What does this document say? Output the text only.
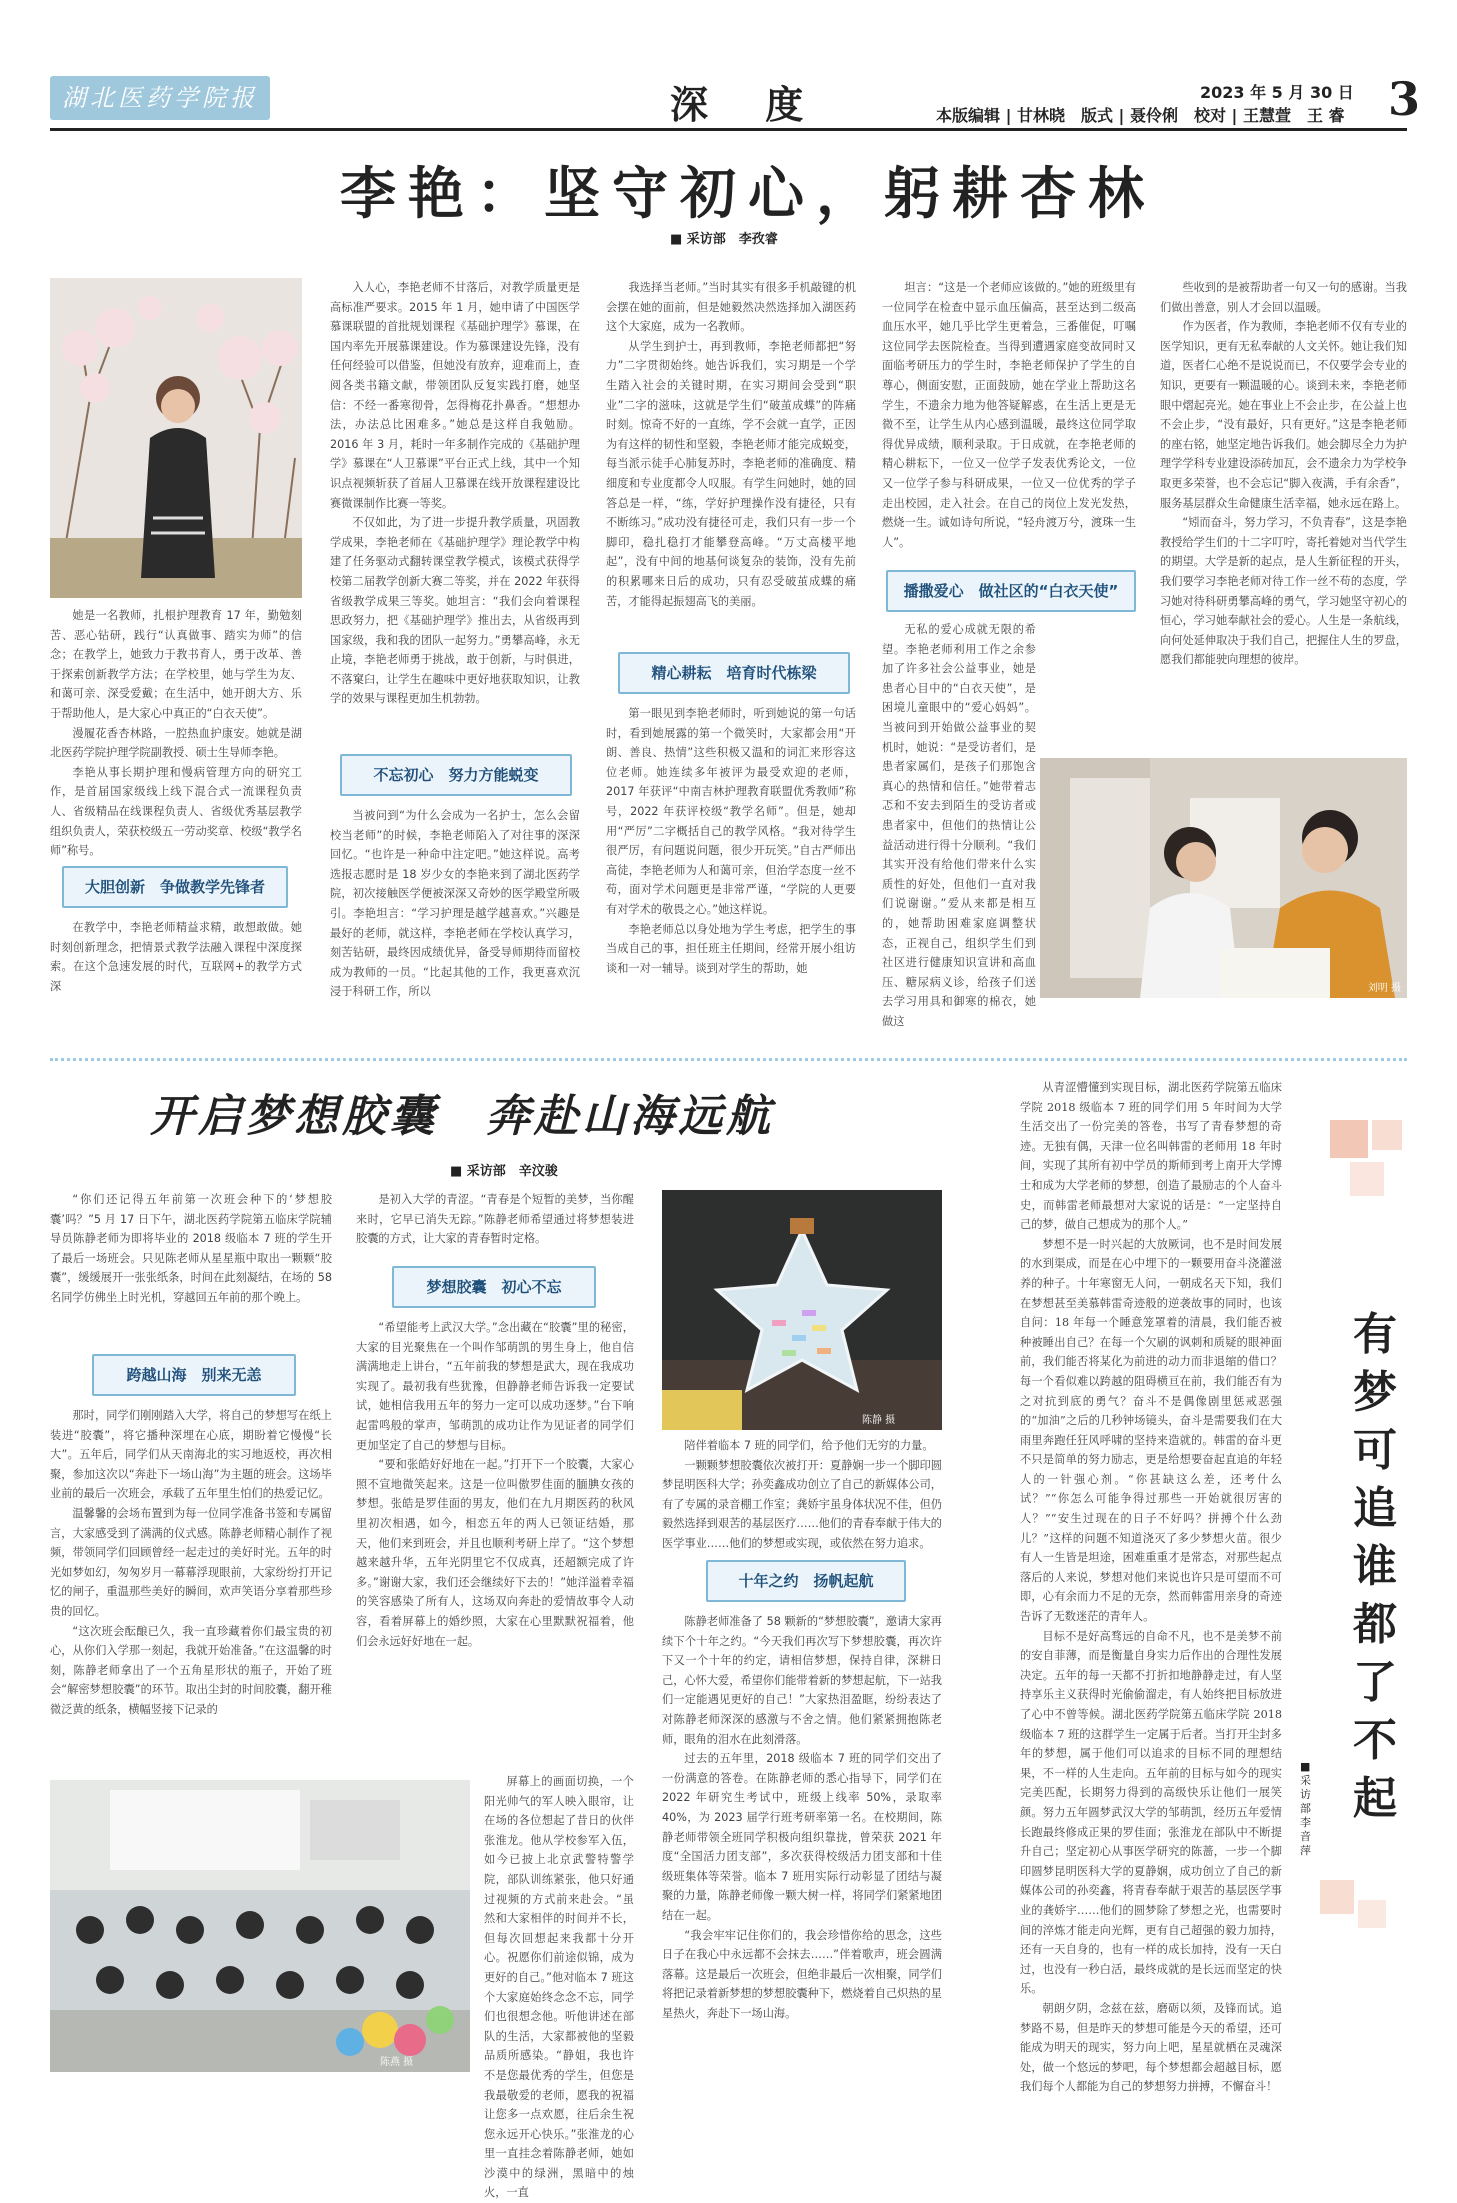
湖北医药学院报	深 度	2023 年 5 月 30 日 3
本版编辑 | 甘林晓　版式 | 聂伶俐　校对 | 王慧萱　王 睿
李艳：坚守初心，躬耕杏林
■ 采访部　李孜睿

她是一名教师，扎根护理教育 17 年，勤勉刻苦、恶心钻研，践行“认真做事、踏实为师”的信念；在教学上，她致力于教书育人，勇于改革、善于探索创新教学方法；在学校里，她与学生为友、和蔼可亲、深受爱戴；在生活中，她开朗大方、乐于帮助他人，是大家心中真正的“白衣天使”。

漫履花香杏林路，一腔热血护康安。她就是湖北医药学院护理学院副教授、硕士生导师李艳。

李艳从事长期护理和慢病管理方向的研究工作，是首届国家级线上线下混合式一流课程负责人、省级精品在线课程负责人、省级优秀基层教学组织负责人，荣获校级五一劳动奖章、校级“教学名师”称号。

大胆创新　争做教学先锋者

在教学中，李艳老师精益求精，敢想敢做。她时刻创新理念，把情景式教学法融入课程中深度探索。在这个急速发展的时代，互联网+的教学方式深

入人心，李艳老师不甘落后，对教学质量更是高标准严要求。2015 年 1 月，她申请了中国医学慕课联盟的首批规划课程《基础护理学》慕课，在国内率先开展慕课建设。作为慕课建设先锋，没有任何经验可以借鉴，但她没有放弃，迎难而上，查阅各类书籍文献，带领团队反复实践打磨，她坚信：不经一番寒彻骨，怎得梅花扑鼻香。“想想办法，办法总比困难多。”她总是这样自我勉励。2016 年 3 月，耗时一年多制作完成的《基础护理学》慕课在“人卫慕课”平台正式上线，其中一个知识点视频斩获了首届人卫慕课在线开放课程建设比赛微课制作比赛一等奖。

不仅如此，为了进一步提升教学质量，巩固教学成果，李艳老师在《基础护理学》理论教学中构建了任务驱动式翻转课堂教学模式，该模式获得学校第二届教学创新大赛二等奖，并在 2022 年获得省级教学成果三等奖。她坦言：“我们会向着课程思政努力，把《基础护理学》推出去，从省级再到国家级，我和我的团队一起努力。”勇攀高峰，永无止境，李艳老师勇于挑战，敢于创新，与时俱进，不落窠臼，让学生在趣味中更好地获取知识，让教学的效果与课程更加生机勃勃。

不忘初心　努力方能蜕变

当被问到“为什么会成为一名护士，怎么会留校当老师”的时候，李艳老师陷入了对往事的深深回忆。“也许是一种命中注定吧。”她这样说。高考选报志愿时是 18 岁少女的李艳来到了湖北医药学院，初次接触医学便被深深又奇妙的医学殿堂所吸引。李艳坦言：“学习护理是越学越喜欢。”兴趣是最好的老师，就这样，李艳老师在学校认真学习，刻苦钻研，最终因成绩优异，备受导师期待而留校成为教师的一员。“比起其他的工作，我更喜欢沉浸于科研工作，所以

我选择当老师。”当时其实有很多手机敲键的机会摆在她的面前，但是她毅然决然选择加入湖医药这个大家庭，成为一名教师。

从学生到护士，再到教师，李艳老师都把“努力”二字贯彻始终。她告诉我们，实习期是一个学生踏入社会的关键时期，在实习期间会受到“职业”二字的滋味，这就是学生们“破茧成蝶”的阵痛时刻。惊奇不好的一直练，学不会就一直学，正因为有这样的韧性和坚毅，李艳老师才能完成蜕变，每当派示徒手心肺复苏时，李艳老师的准确度、精细度和专业度都令人叹服。有学生问她时，她的回答总是一样，“练，学好护理操作没有捷径，只有不断练习。”成功没有捷径可走，我们只有一步一个脚印，稳扎稳打才能攀登高峰。“万丈高楼平地起”，没有中间的地基何谈复杂的装饰，没有先前的积累哪来日后的成功，只有忍受破茧成蝶的痛苦，才能得起振翅高飞的美丽。

精心耕耘　培育时代栋梁

第一眼见到李艳老师时，听到她说的第一句话时，看到她展露的第一个微笑时，大家都会用“开朗、善良、热情”这些积极又温和的词汇来形容这位老师。她连续多年被评为最受欢迎的老师，2017 年获评“中南吉林护理教育联盟优秀教师”称号，2022 年获评校级“教学名师”。但是，她却用“严厉”二字概括自己的教学风格。“我对待学生很严厉，有问题说问题，很少开玩笑。”自古严师出高徒，李艳老师为人和蔼可亲，但治学态度一丝不苟，面对学术问题更是非常严谨，“学院的人更要有对学术的敬畏之心。”她这样说。

李艳老师总以身处地为学生考虑，把学生的事当成自己的事，担任班主任期间，经常开展小组访谈和一对一辅导。谈到对学生的帮助，她

坦言：“这是一个老师应该做的。”她的班级里有一位同学在检查中显示血压偏高，甚至达到二级高血压水平，她几乎比学生更着急，三番催促，叮嘱这位同学去医院检查。当得到遭遇家庭变故同时又面临考研压力的学生时，李艳老师保护了学生的自尊心，侧面安慰，正面鼓励，她在学业上帮助这名学生，不遗余力地为他答疑解惑，在生活上更是无微不至，让学生从内心感到温暖，最终这位同学取得优异成绩，顺利录取。于日成就，在李艳老师的精心耕耘下，一位又一位学子发表优秀论文，一位又一位学子参与科研成果，一位又一位优秀的学子走出校园，走入社会。在自己的岗位上发光发热，燃烧一生。诚如诗句所说，“轻舟渡万兮，渡珠一生人”。

播撒爱心　做社区的“白衣天使”

无私的爱心成就无限的希望。李艳老师利用工作之余参加了许多社会公益事业，她是患者心目中的“白衣天使”，是困境儿童眼中的“爱心妈妈”。当被问到开始做公益事业的契机时，她说：“是受访者们，是患者家属们，是孩子们那饱含真心的热情和信任。”她带着志忑和不安去到陌生的受访者或患者家中，但他们的热情让公益活动进行得十分顺利。“我们其实开没有给他们带来什么实质性的好处，但他们一直对我们说谢谢。”爱从来都是相互的，她帮助困难家庭调整状态，正视自己，组织学生们到社区进行健康知识宣讲和高血压、糖尿病义诊，给孩子们送去学习用具和御寒的棉衣，她做这

些收到的是被帮助者一句又一句的感谢。当我们做出善意，别人才会回以温暖。

作为医者，作为教师，李艳老师不仅有专业的医学知识，更有无私奉献的人文关怀。她让我们知道，医者仁心绝不是说说而已，不仅要学会专业的知识，更要有一颗温暖的心。谈到未来，李艳老师眼中熠起亮光。她在事业上不会止步，在公益上也不会止步，“没有最好，只有更好。”这是李艳老师的座右铭，她坚定地告诉我们。她会脚尽全力为护理学学科专业建设添砖加瓦，会不遗余力为学校争取更多荣誉，也不会忘记“脚入夜满，手有余香”，服务基层群众生命健康生活幸福，她永远在路上。

“矧而奋斗，努力学习，不负青春”，这是李艳教授给学生们的十二字叮咛，寄托着她对当代学生的期望。大学是新的起点，是人生新征程的开头，我们要学习李艳老师对待工作一丝不苟的态度，学习她对待科研勇攀高峰的勇气，学习她坚守初心的恒心，学习她奉献社会的爱心。人生是一条航线，向何处延伸取决于我们自己，把握住人生的罗盘，愿我们都能驶向理想的彼岸。

刘明 摄
开启梦想胶囊　奔赴山海远航
■ 采访部　辛汶骏

“你们还记得五年前第一次班会种下的‘梦想胶囊’吗？”5 月 17 日下午，湖北医药学院第五临床学院辅导员陈静老师为即将毕业的 2018 级临本 7 班的学生开了最后一场班会。只见陈老师从星星瓶中取出一颗颗“胶囊”，缓缓展开一张张纸条，时间在此刻凝结，在场的 58 名同学仿佛坐上时光机，穿越回五年前的那个晚上。

跨越山海　别来无恙

那时，同学们刚刚踏入大学，将自己的梦想写在纸上装进“胶囊”，将它播种深埋在心底，期盼着它慢慢“长大”。五年后，同学们从天南海北的实习地返校，再次相聚，参加这次以“奔赴下一场山海”为主题的班会。这场毕业前的最后一次班会，承载了五年里生怕们的热爱记忆。

温馨馨的会场布置到为每一位同学准备书签和专属留言，大家感受到了满满的仪式感。陈静老师精心制作了视频，带领同学们回顾曾经一起走过的美好时光。五年的时光如梦如幻，匆匆岁月一幕幕浮现眼前，大家纷纷打开记忆的闸子，重温那些美好的瞬间，欢声笑语分享着那些珍贵的回忆。

“这次班会酝酿已久，我一直珍藏着你们最宝贵的初心，从你们入学那一刻起，我就开始准备。”在这温馨的时刻，陈静老师拿出了一个五角星形状的瓶子，开始了班会“解密梦想胶囊”的环节。取出尘封的时间胶囊，翻开稚微泛黄的纸条，横幅竖接下记录的

是初入大学的青涩。“青春是个短暂的美梦，当你醒来时，它早已消失无踪。”陈静老师希望通过将梦想装进胶囊的方式，让大家的青春暂时定格。

梦想胶囊　初心不忘

“希望能考上武汉大学。”念出藏在“胶囊”里的秘密，大家的目光聚焦在一个叫作邹萌凯的男生身上，他自信满满地走上讲台，“五年前我的梦想是武大，现在我成功实现了。最初我有些犹豫，但静静老师告诉我一定要试试，她相信我用五年的努力一定可以成功逐梦。”台下响起雷鸣般的掌声，邹萌凯的成功让作为见证者的同学们更加坚定了自己的梦想与目标。

“要和张皓好好地在一起。”打开下一个胶囊，大家心照不宣地微笑起来。这是一位叫傲罗佳面的腼腆女孩的梦想。张皓是罗佳面的男友，他们在九月期医药的秋风里初次相遇，如今，相恋五年的两人已领证结婚，那天，他们来到班会，并且也顺利考研上岸了。“这个梦想越来越升华，五年光阴里它不仅成真，还超额完成了许多。”谢谢大家，我们还会继续好下去的！”她洋溢着幸福的笑容感染了所有人，这场双向奔赴的爱情故事令人动容，看着屏幕上的婚纱照，大家在心里默默祝福着，他们会永远好好地在一起。

屏幕上的画面切换，一个阳光帅气的军人映入眼帘，让在场的各位想起了昔日的伙伴张淮龙。他从学校参军入伍，如今已披上北京武警特警学院，部队训练紧张，他只好通过视频的方式前来赴会。“虽然和大家相伴的时间并不长，但每次回想起来我都十分开心。祝愿你们前途似锦，成为更好的自己。”他对临本 7 班这个大家庭始终念念不忘，同学们也很想念他。听他讲述在部队的生活，大家都被他的坚毅品质所感染。“静姐，我也许不是您最优秀的学生，但您是我最敬爱的老师，愿我的祝福让您多一点欢愿，往后余生祝您永远开心快乐。”张淮龙的心里一直挂念着陈静老师，她如沙漠中的绿洲，黑暗中的烛火，一直

陈燕 摄
陈静 摄

陪伴着临本 7 班的同学们，给予他们无穷的力量。

一颗颗梦想胶囊依次被打开：夏静娴一步一个脚印圆梦昆明医科大学；孙奕鑫成功创立了自己的新媒体公司，有了专属的录音棚工作室；龚娇宇虽身体状况不佳，但仍毅然选择到艰苦的基层医疗……他们的青春奉献于伟大的医学事业……他们的梦想或实现，或依然在努力追求。

十年之约　扬帆起航

陈静老师准备了 58 颗新的“梦想胶囊”，邀请大家再续下个十年之约。“今天我们再次写下梦想胶囊，再次许下又一个十年的约定，请相信梦想，保持自律，深耕日己，心怀大爱，希望你们能带着新的梦想起航，下一站我们一定能遇见更好的自己！”大家热泪盈眶，纷纷表达了对陈静老师深深的感激与不舍之情。他们紧紧拥抱陈老师，眼角的泪水在此刻滑落。

过去的五年里，2018 级临本 7 班的同学们交出了一份满意的答卷。在陈静老师的悉心指导下，同学们在 2022 年研究生考试中，班级上线率 50%，录取率 40%，为 2023 届学行班考研率第一名。在校期间，陈静老师带领全班同学积极向组织靠拢，曾荣获 2021 年度“全国活力团支部”，多次获得校级活力团支部和十佳级班集体等荣誉。临本 7 班用实际行动彰显了团结与凝聚的力量，陈静老师像一颗大树一样，将同学们紧紧地团结在一起。

“我会牢牢记住你们的，我会珍惜你给的思念，这些日子在我心中永远都不会抹去……”伴着歌声，班会圆满落幕。这是最后一次班会，但绝非最后一次相聚，同学们将把记录着新梦想的梦想胶囊种下，燃烧着自己炽热的星星热火，奔赴下一场山海。

从青涩懵懂到实现目标，湖北医药学院第五临床学院 2018 级临本 7 班的同学们用 5 年时间为大学生活交出了一份完美的答卷，书写了青春梦想的奇迹。无独有偶，天津一位名叫韩雷的老师用 18 年时间，实现了其所有初中学员的斯师到考上南开大学博士和成为大学老师的梦想，创造了最励志的个人奋斗史，而韩雷老师最想对大家说的话是：“一定坚持自己的梦，做自己想成为的那个人。”

梦想不是一时兴起的大放厥词，也不是时间发展的水到渠成，而是在心中埋下的一颗要用奋斗浇灌滋养的种子。十年寒窗无人问，一朝成名天下知，我们在梦想甚至美慕韩雷奇迹般的逆袭故事的同时，也该自问：18 年每一个睡意笼罩着的清晨，我们能否被种被睡出自己？在每一个欠刷的讽刺和质疑的眼神面前，我们能否将某化为前进的动力而非退缩的借口？每一个看似难以跨越的阻碍横亘在前，我们能否有为之对抗到底的勇气？奋斗不是偶像剧里惩戒恶强的“加油”之后的几秒钟场镜头，奋斗是需要我们在大雨里奔跑任狂风呼啸的坚持来造就的。韩雷的奋斗更不只是简单的努力励志，更是给想要奋起直追的年轻人的一针强心剂。“你甚缺这么差，还考什么试？”“你怎么可能争得过那些一开始就很厉害的人？”“安生过现在的日子不好吗？拼搏个什么劲儿？”这样的问题不知道浇灭了多少梦想火苗。很少有人一生皆是坦途，困难重重才是常态，对那些起点落后的人来说，梦想对他们来说也许只是可望而不可即，心有余而力不足的无奈，然而韩雷用亲身的奇迹告诉了无数迷茫的青年人。

目标不是好高骛远的自命不凡，也不是美梦不前的安自菲薄，而是衡量自身实力后作出的合理性发展决定。五年的每一天都不打折扣地静静走过，有人坚持享乐主义获得时光偷偷溜走，有人始终把目标放进了心中不曾等候。湖北医药学院第五临床学院 2018 级临本 7 班的这群学生一定属于后者。当打开尘封多年的梦想，属于他们可以追求的目标不同的理想结果，不一样的人生走向。五年前的目标与如今的现实完美匹配，长期努力得到的高级快乐让他们一展笑颜。努力五年圆梦武汉大学的邹萌凯，经历五年爱情长跑最终修成正果的罗佳面；张淮龙在部队中不断提升自己；坚定初心从事医学研究的陈蔷，一步一个脚印圆梦昆明医科大学的夏静娴，成功创立了自己的新媒体公司的孙奕鑫，将青春奉献于艰苦的基层医学事业的龚娇宇……他们的圆梦除了梦想之光，也需要时间的淬炼才能走向光辉，更有自己超强的毅力加持，还有一天自身的，也有一样的成长加持，没有一天白过，也没有一秒白活，最终成就的是长远而坚定的快乐。

朝朗夕阴，念兹在兹，磨砺以须，及锋而试。追梦路不易，但是昨天的梦想可能是今天的希望，还可能成为明天的现实，努力向上吧，星星就栖在灵魂深处，做一个悠远的梦吧，每个梦想都会超越目标，愿我们每个人都能为自己的梦想努力拼搏，不懈奋斗！

有梦可追　谁都了不起
■ 采访部　李音萍
